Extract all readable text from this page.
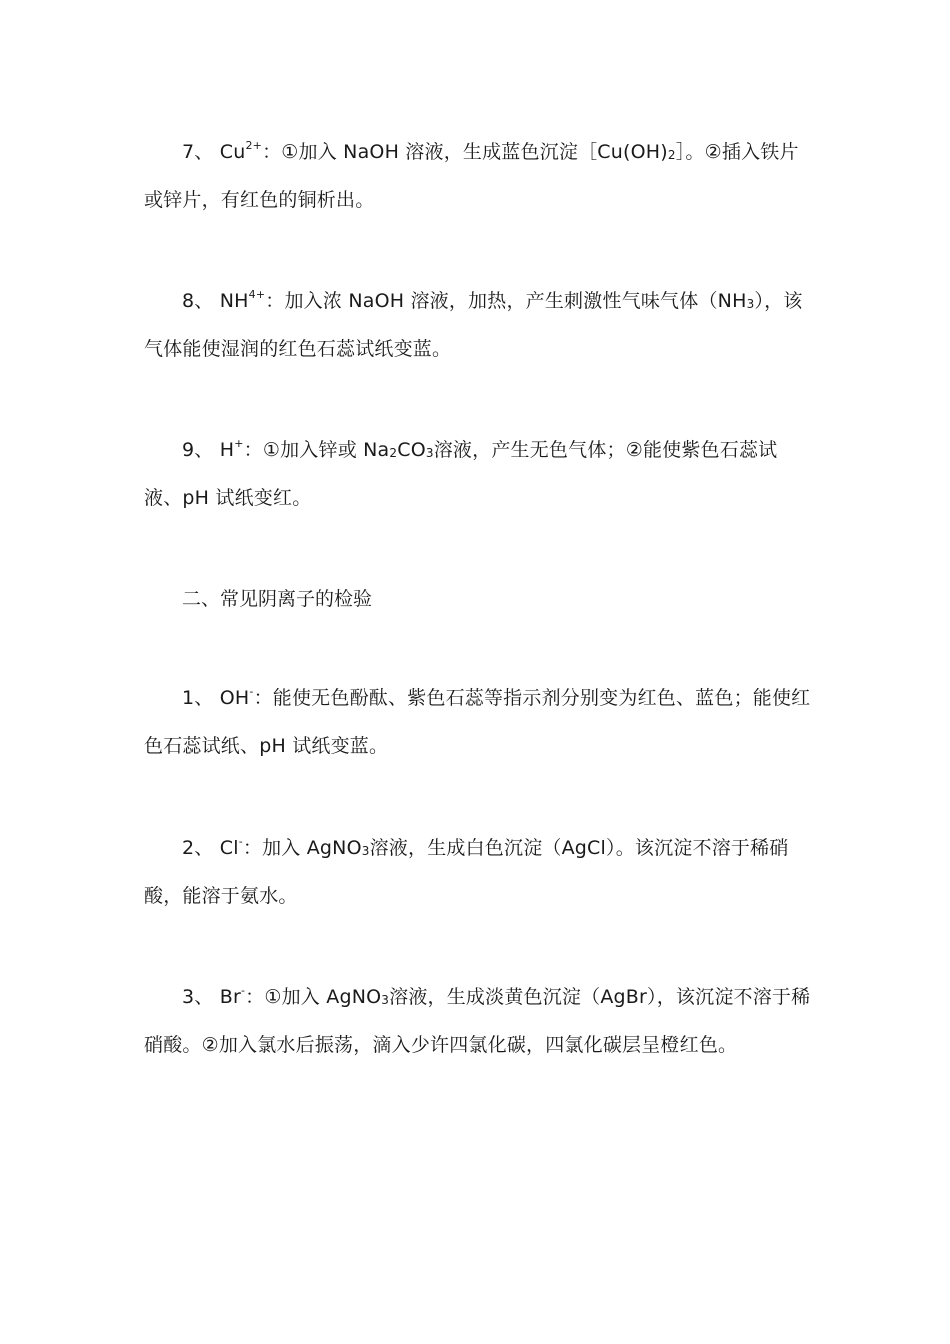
7、 $Cu^{2+}$：①加入 NaOH 溶液，生成蓝色沉淀$[Cu(OH)_2]$。②插入铁片或锌片，有红色的铜析出。

8、 $NH^{4+}$：加入浓 NaOH 溶液，加热，产生刺激性气味气体$(NH_3)$，该气体能使湿润的红色石蕊试纸变蓝。

9、 H+：①加入锌或 $Na_2CO_3$溶液，产生无色气体；②能使紫色石蕊试液、pH 试纸变红。

二、常见阴离子的检验

1、 OH-：能使无色酚酞、紫色石蕊等指示剂分别变为红色、蓝色；能使红色石蕊试纸、pH 试纸变蓝。

2、 Cl-：加入 AgNO$_3$溶液，生成白色沉淀（AgCl）。该沉淀不溶于稀硝酸，能溶于氨水。

3、 Br-：①加入 AgNO$_3$溶液，生成淡黄色沉淀（AgBr），该沉淀不溶于稀硝酸。②加入氯水后振荡，滴入少许四氯化碳，四氯化碳层呈橙红色。
